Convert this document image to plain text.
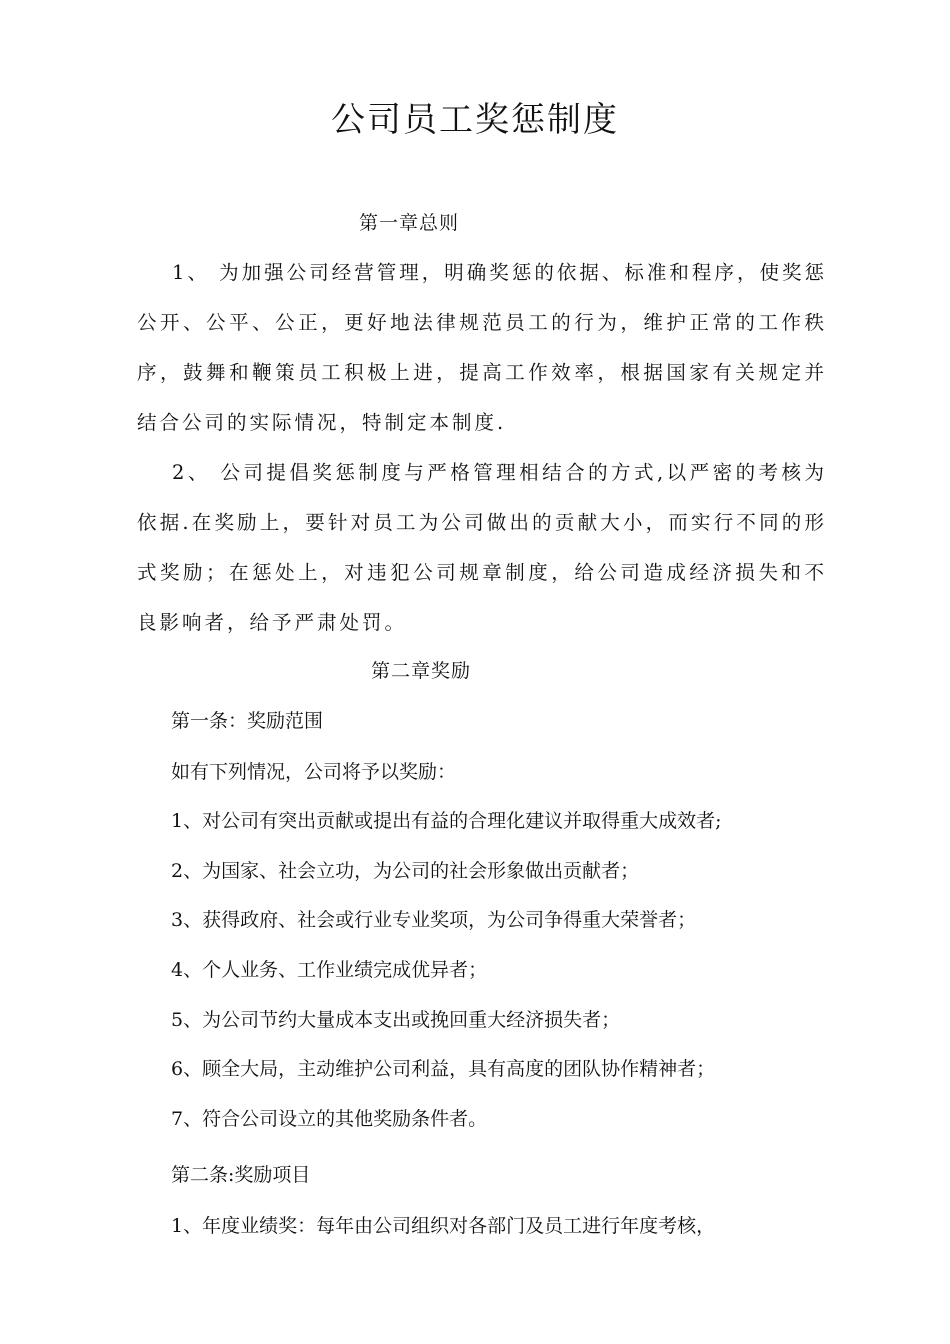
公司员工奖惩制度
第一章总则
1、 为加强公司经营管理，明确奖惩的依据、标准和程序，使奖惩公开、公平、公正，更好地法律规范员工的行为，维护正常的工作秩序，鼓舞和鞭策员工积极上进，提高工作效率，根据国家有关规定并结合公司的实际情况，特制定本制度.
2、 公司提倡奖惩制度与严格管理相结合的方式,以严密的考核为依据.在奖励上，要针对员工为公司做出的贡献大小，而实行不同的形式奖励；在惩处上，对违犯公司规章制度，给公司造成经济损失和不良影响者，给予严肃处罚。
第二章奖励
第一条：奖励范围
如有下列情况，公司将予以奖励：
1、对公司有突出贡献或提出有益的合理化建议并取得重大成效者;
2、为国家、社会立功，为公司的社会形象做出贡献者；
3、获得政府、社会或行业专业奖项，为公司争得重大荣誉者；
4、个人业务、工作业绩完成优异者；
5、为公司节约大量成本支出或挽回重大经济损失者；
6、顾全大局，主动维护公司利益，具有高度的团队协作精神者；
7、符合公司设立的其他奖励条件者。
第二条:奖励项目
1、年度业绩奖：每年由公司组织对各部门及员工进行年度考核，
